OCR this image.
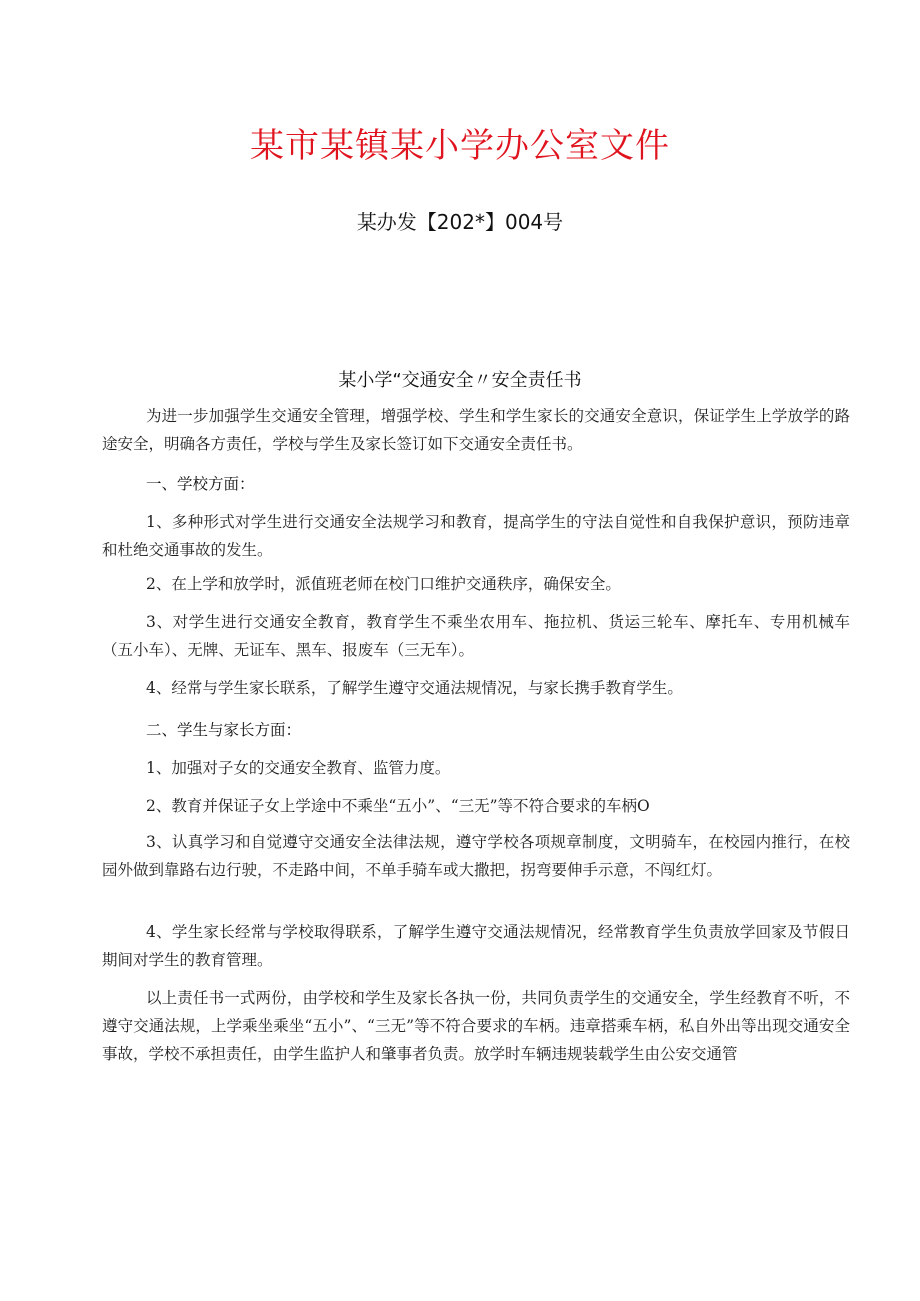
某市某镇某小学办公室文件
某办发【202*】004号
某小学“交通安全〃安全责任书

为进一步加强学生交通安全管理，增强学校、学生和学生家长的交通安全意识，保证学生上学放学的路途安全，明确各方责任，学校与学生及家长签订如下交通安全责任书。

一、学校方面：

1、多种形式对学生进行交通安全法规学习和教育，提高学生的守法自觉性和自我保护意识，预防违章和杜绝交通事故的发生。

2、在上学和放学时，派值班老师在校门口维护交通秩序，确保安全。

3、对学生进行交通安全教育，教育学生不乘坐农用车、拖拉机、货运三轮车、摩托车、专用机械车（五小车）、无牌、无证车、黑车、报废车（三无车）。

4、经常与学生家长联系，了解学生遵守交通法规情况，与家长携手教育学生。

二、学生与家长方面：

1、加强对子女的交通安全教育、监管力度。

2、教育并保证子女上学途中不乘坐“五小”、“三无”等不符合要求的车柄O

3、认真学习和自觉遵守交通安全法律法规，遵守学校各项规章制度，文明骑车，在校园内推行，在校园外做到靠路右边行驶，不走路中间，不单手骑车或大撒把，拐弯要伸手示意，不闯红灯。

4、学生家长经常与学校取得联系，了解学生遵守交通法规情况，经常教育学生负责放学回家及节假日期间对学生的教育管理。

以上责任书一式两份，由学校和学生及家长各执一份，共同负责学生的交通安全，学生经教育不听，不遵守交通法规，上学乘坐乘坐“五小”、“三无”等不符合要求的车柄。违章搭乘车柄，私自外出等出现交通安全事故，学校不承担责任，由学生监护人和肇事者负责。放学时车辆违规装载学生由公安交通管
